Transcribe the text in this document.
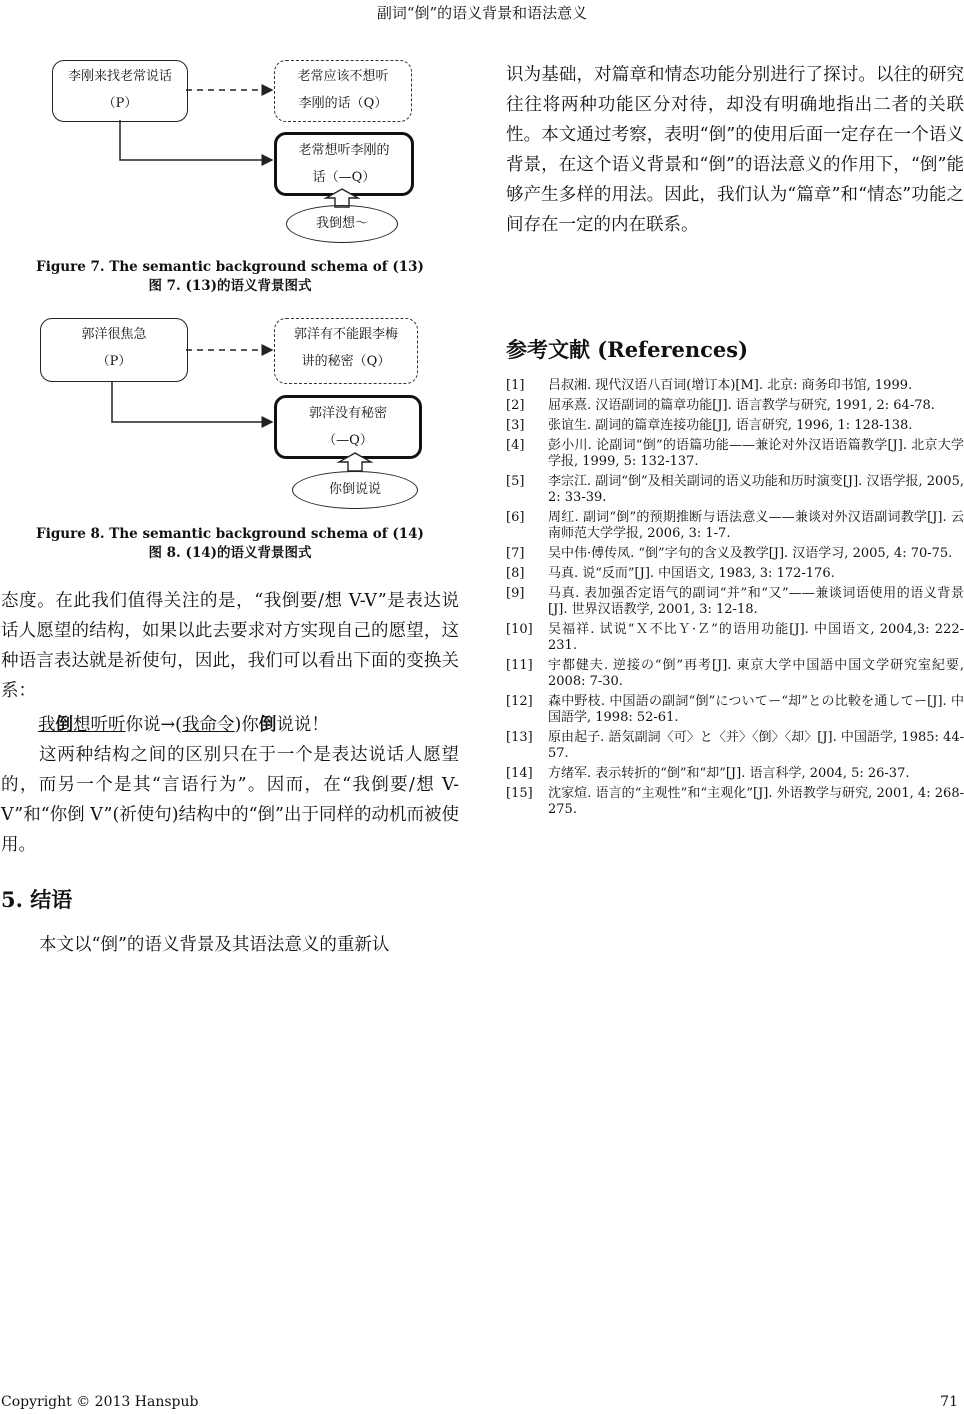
副词“倒”的语义背景和语法意义
李刚来找老常说话
（P）
老常应该不想听
李刚的话（Q）
老常想听李刚的
话（—Q）
我倒想～
Figure 7. The semantic background schema of (13)
图 7. (13)的语义背景图式
郭洋很焦急
（P）
郭洋有不能跟李梅
讲的秘密（Q）
郭洋没有秘密
（—Q）
你倒说说
Figure 8. The semantic background schema of (14)
图 8. (14)的语义背景图式
态度。在此我们值得关注的是，“我倒要/想 V-V”是表达说话人愿望的结构，如果以此去要求对方实现自己的愿望，这种语言表达就是祈使句，因此，我们可以看出下面的变换关系：
我倒想听听你说→(我命令)你倒说说！
这两种结构之间的区别只在于一个是表达说话人愿望的，而另一个是其“言语行为”。因而，在“我倒要/想 V-V”和“你倒 V”(祈使句)结构中的“倒”出于同样的动机而被使用。
5. 结语
本文以“倒”的语义背景及其语法意义的重新认
识为基础，对篇章和情态功能分别进行了探讨。以往的研究往往将两种功能区分对待，却没有明确地指出二者的关联性。本文通过考察，表明“倒”的使用后面一定存在一个语义背景，在这个语义背景和“倒”的语法意义的作用下，“倒”能够产生多样的用法。因此，我们认为“篇章”和“情态”功能之间存在一定的内在联系。
参考文献 (References)
[1]	吕叔湘. 现代汉语八百词(增订本)[M]. 北京: 商务印书馆, 1999.
[2]	屈承熹. 汉语副词的篇章功能[J]. 语言教学与研究, 1991, 2: 64-78.
[3]	张谊生. 副词的篇章连接功能[J], 语言研究, 1996, 1: 128-138.
[4]	彭小川. 论副词“倒”的语篇功能——兼论对外汉语语篇教学[J]. 北京大学学报, 1999, 5: 132-137.
[5]	李宗江. 副词“倒”及相关副词的语义功能和历时演变[J]. 汉语学报, 2005, 2: 33-39.
[6]	周红. 副词“倒”的预期推断与语法意义——兼谈对外汉语副词教学[J]. 云南师范大学学报, 2006, 3: 1-7.
[7]	吴中伟·傅传凤. “倒”字句的含义及教学[J]. 汉语学习, 2005, 4: 70-75.
[8]	马真. 说“反而”[J]. 中国语文, 1983, 3: 172-176.
[9]	马真. 表加强否定语气的副词“并”和“又”——兼谈词语使用的语义背景[J]. 世界汉语教学, 2001, 3: 12-18.
[10]	吴福祥. 试说“Ｘ不比Ｙ·Ｚ”的语用功能[J]. 中国语文, 2004,3: 222-231.
[11]	宇都健夫. 逆接の“倒”再考[J]. 東京大学中国語中国文学研究室紀要, 2008: 7-30.
[12]	森中野枝. 中国語の副詞“倒”についてー“却”との比較を通してー[J]. 中国語学, 1998: 52-61.
[13]	原由起子. 語気副詞〈可〉と〈并〉〈倒〉〈却〉[J]. 中国語学, 1985: 44-57.
[14]	方绪军. 表示转折的“倒”和“却”[J]. 语言科学, 2004, 5: 26-37.
[15]	沈家煊. 语言的“主观性”和“主观化”[J]. 外语教学与研究, 2001, 4: 268-275.
Copyright © 2013 Hanspub	71
